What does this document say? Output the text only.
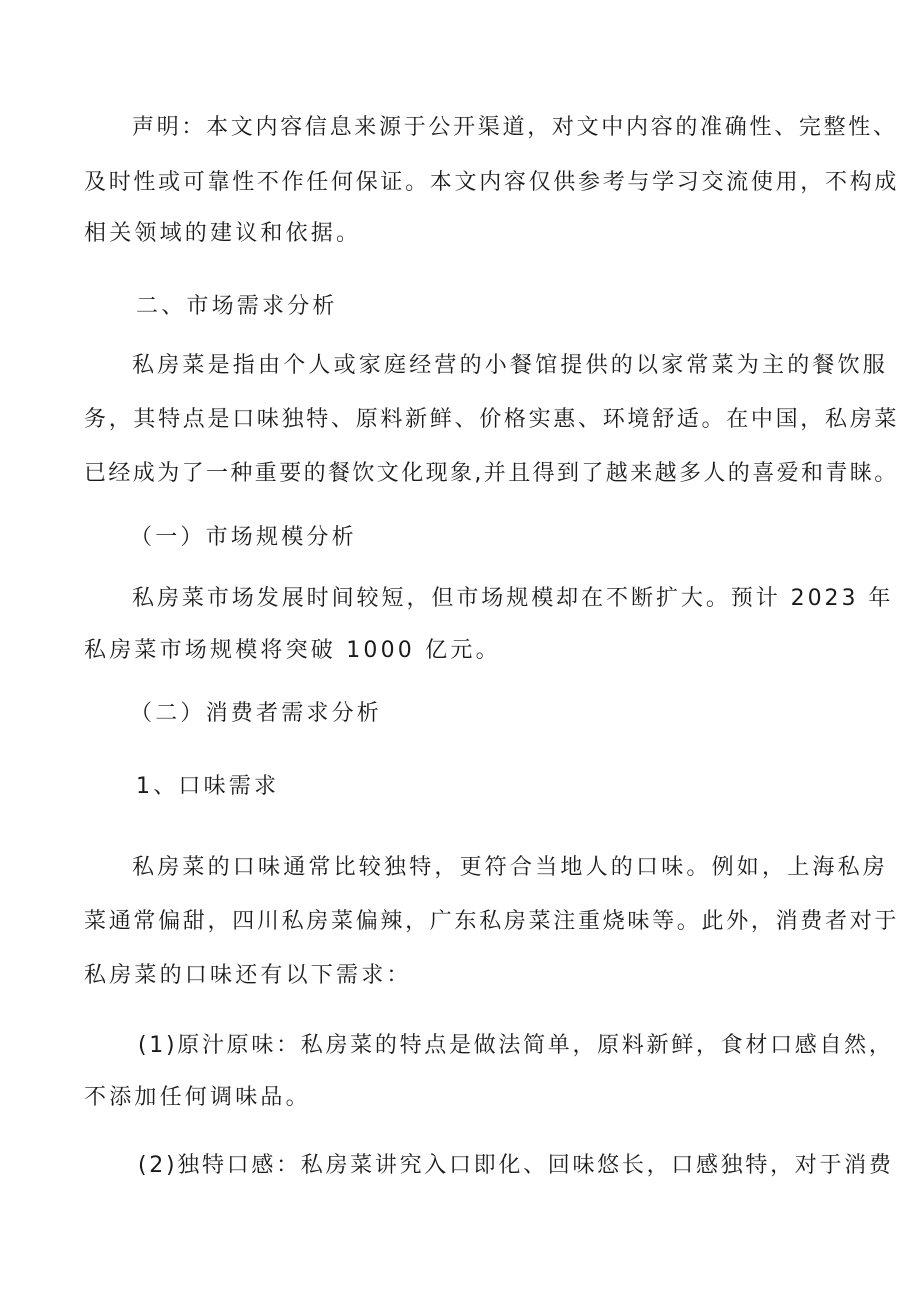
声明：本文内容信息来源于公开渠道，对文中内容的准确性、完整性、
及时性或可靠性不作任何保证。本文内容仅供参考与学习交流使用，不构成
相关领域的建议和依据。
二、市场需求分析
私房菜是指由个人或家庭经营的小餐馆提供的以家常菜为主的餐饮服
务，其特点是口味独特、原料新鲜、价格实惠、环境舒适。在中国，私房菜
已经成为了一种重要的餐饮文化现象,并且得到了越来越多人的喜爱和青睐。
（一）市场规模分析
私房菜市场发展时间较短，但市场规模却在不断扩大。预计 2023 年
私房菜市场规模将突破 1000 亿元。
（二）消费者需求分析
1、口味需求
私房菜的口味通常比较独特，更符合当地人的口味。例如，上海私房
菜通常偏甜，四川私房菜偏辣，广东私房菜注重烧味等。此外，消费者对于
私房菜的口味还有以下需求：
(1)原汁原味：私房菜的特点是做法简单，原料新鲜，食材口感自然，
不添加任何调味品。
(2)独特口感：私房菜讲究入口即化、回味悠长，口感独特，对于消费
